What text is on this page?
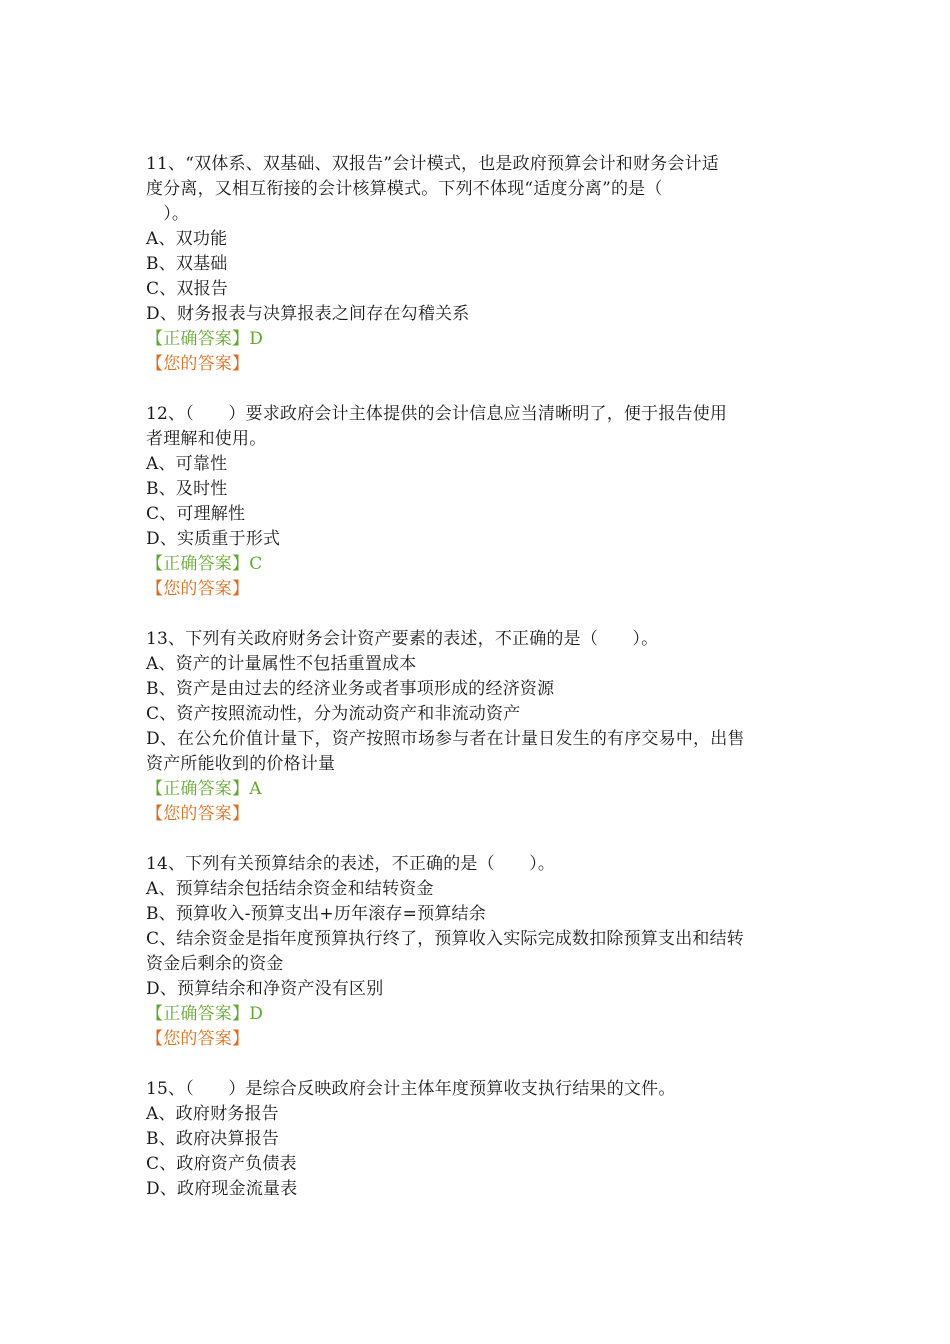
11、“双体系、双基础、双报告”会计模式，也是政府预算会计和财务会计适
度分离，又相互衔接的会计核算模式。下列不体现“适度分离”的是（
　）。
A、双功能
B、双基础
C、双报告
D、财务报表与决算报表之间存在勾稽关系
【正确答案】D
【您的答案】
12、（　　）要求政府会计主体提供的会计信息应当清晰明了，便于报告使用
者理解和使用。
A、可靠性
B、及时性
C、可理解性
D、实质重于形式
【正确答案】C
【您的答案】
13、下列有关政府财务会计资产要素的表述，不正确的是（　　）。
A、资产的计量属性不包括重置成本
B、资产是由过去的经济业务或者事项形成的经济资源
C、资产按照流动性，分为流动资产和非流动资产
D、在公允价值计量下，资产按照市场参与者在计量日发生的有序交易中，出售
资产所能收到的价格计量
【正确答案】A
【您的答案】
14、下列有关预算结余的表述，不正确的是（　　）。
A、预算结余包括结余资金和结转资金
B、预算收入-预算支出+历年滚存=预算结余
C、结余资金是指年度预算执行终了，预算收入实际完成数扣除预算支出和结转
资金后剩余的资金
D、预算结余和净资产没有区别
【正确答案】D
【您的答案】
15、（　　）是综合反映政府会计主体年度预算收支执行结果的文件。
A、政府财务报告
B、政府决算报告
C、政府资产负债表
D、政府现金流量表
